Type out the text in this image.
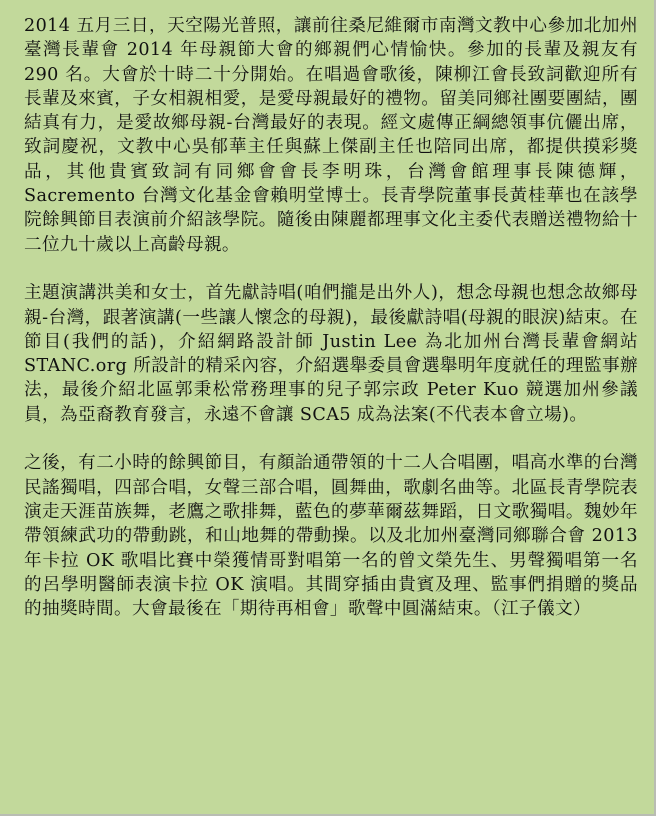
2014 五月三日，天空陽光普照，讓前往桑尼維爾市南灣文教中心參加北加州臺灣長輩會 2014 年母親節大會的鄉親們心情愉快。參加的長輩及親友有 290 名。大會於十時二十分開始。在唱過會歌後，陳柳江會長致詞歡迎所有長輩及來賓，子女相親相愛，是愛母親最好的禮物。留美同鄉社團要團結，團結真有力，是愛故鄉母親-台灣最好的表現。經文處傳正綱總領事伉儷出席，致詞慶祝，文教中心吳郁華主任與蘇上傑副主任也陪同出席，都提供摸彩獎品，其他貴賓致詞有同鄉會會長李明珠，台灣會館理事長陳德輝，Sacremento 台灣文化基金會賴明堂博士。長青學院董事長黃桂華也在該學院餘興節目表演前介紹該學院。隨後由陳麗都理事文化主委代表贈送禮物給十二位九十歲以上高齡母親。

主題演講洪美和女士，首先獻詩唱(咱們攏是出外人)，想念母親也想念故鄉母親-台灣，跟著演講(一些讓人懷念的母親)，最後獻詩唱(母親的眼淚)結束。在節目(我們的話)，介紹網路設計師 Justin Lee 為北加州台灣長輩會網站 STANC.org 所設計的精采內容，介紹選舉委員會選舉明年度就任的理監事辦法，最後介紹北區郭秉松常務理事的兒子郭宗政 Peter Kuo 競選加州參議員，為亞裔教育發言，永遠不會讓 SCA5 成為法案(不代表本會立場)。

之後，有二小時的餘興節目，有顏詒通帶領的十二人合唱團，唱高水準的台灣民謠獨唱，四部合唱，女聲三部合唱，圓舞曲，歌劇名曲等。北區長青學院表演走天涯苗族舞，老鷹之歌排舞，藍色的夢華爾茲舞蹈，日文歌獨唱。魏妙年帶領練武功的帶動跳，和山地舞的帶動操。以及北加州臺灣同鄉聯合會 2013 年卡拉 OK 歌唱比賽中榮獲情哥對唱第一名的曾文榮先生、男聲獨唱第一名的呂學明醫師表演卡拉 OK 演唱。其間穿插由貴賓及理、監事們捐贈的獎品的抽獎時間。大會最後在「期待再相會」歌聲中圓滿結束。（江子儀文）
